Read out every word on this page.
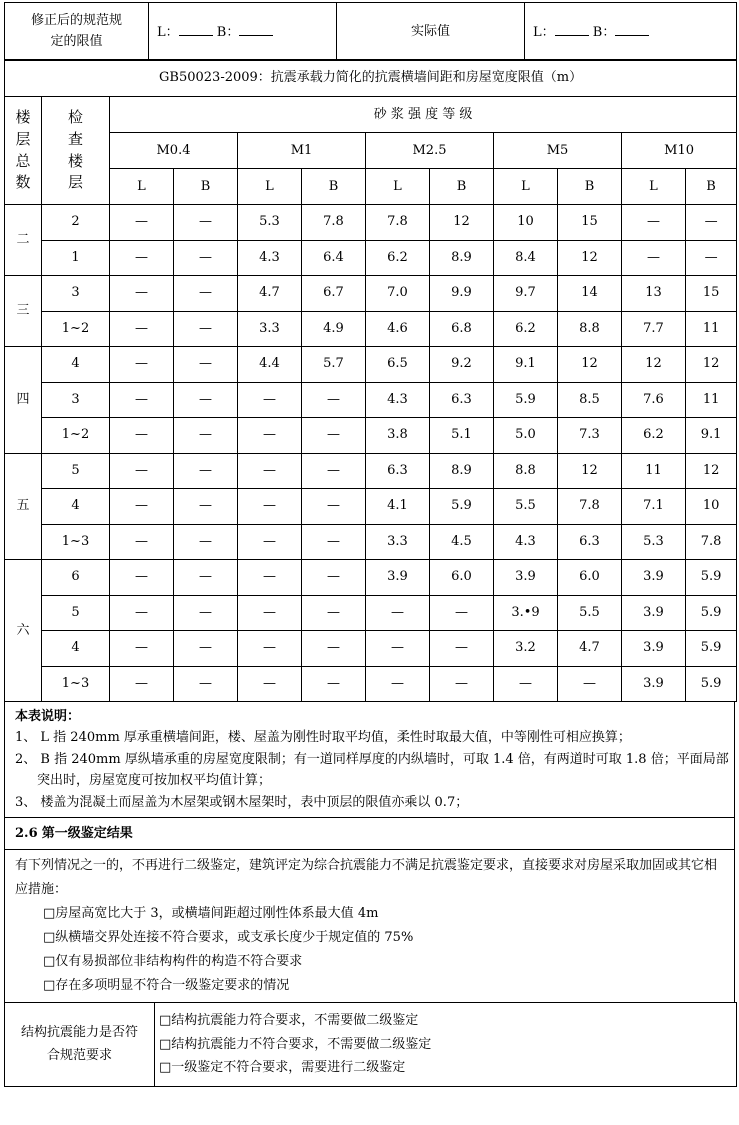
修正后的规范规定的限值
	L：	B：	实际值	L：	B：
GB50023-2009：抗震承载力简化的抗震横墙间距和房屋宽度限值（m）											

楼
层
总
数	检
查
楼
层	砂 浆 强 度 等 级									
		M0.4		M1		M2.5		M5		M10	
		L	B	L	B	L	B	L	B	L	B
二	2	—	—	5.3	7.8	7.8	12	10	15	—	—
	1	—	—	4.3	6.4	6.2	8.9	8.4	12	—	—
三	3	—	—	4.7	6.7	7.0	9.9	9.7	14	13	15
	1~2	—	—	3.3	4.9	4.6	6.8	6.2	8.8	7.7	11
四	4	—	—	4.4	5.7	6.5	9.2	9.1	12	12	12
	3	—	—	—	—	4.3	6.3	5.9	8.5	7.6	11
	1~2	—	—	—	—	3.8	5.1	5.0	7.3	6.2	9.1
五	5	—	—	—	—	6.3	8.9	8.8	12	11	12
	4	—	—	—	—	4.1	5.9	5.5	7.8	7.1	10
	1~3	—	—	—	—	3.3	4.5	4.3	6.3	5.3	7.8
六	6	—	—	—	—	3.9	6.0	3.9	6.0	3.9	5.9
	5	—	—	—	—	—	—	3.•9	5.5	3.9	5.9
	4	—	—	—	—	—	—	3.2	4.7	3.9	5.9
	1~3	—	—	—	—	—	—	—	—	3.9	5.9
本表说明：
1、 L 指 240mm 厚承重横墙间距，楼、屋盖为刚性时取平均值，柔性时取最大值，中等刚性可相应换算；
2、 B 指 240mm 厚纵墙承重的房屋宽度限制；有一道同样厚度的内纵墙时，可取 1.4 倍，有两道时可取 1.8 倍；平面局部突出时，房屋宽度可按加权平均值计算；
3、 楼盖为混凝土而屋盖为木屋架或钢木屋架时，表中顶层的限值亦乘以 0.7；
2.6 第一级鉴定结果
有下列情况之一的，不再进行二级鉴定，建筑评定为综合抗震能力不满足抗震鉴定要求，直接要求对房屋采取加固或其它相应措施：
□房屋高宽比大于 3，或横墙间距超过刚性体系最大值 4m
□纵横墙交界处连接不符合要求，或支承长度少于规定值的 75%
□仅有易损部位非结构构件的构造不符合要求
□存在多项明显不符合一级鉴定要求的情况
结构抗震能力是否符合规范要求

□结构抗震能力符合要求，不需要做二级鉴定
□结构抗震能力不符合要求，不需要做二级鉴定
□一级鉴定不符合要求，需要进行二级鉴定
